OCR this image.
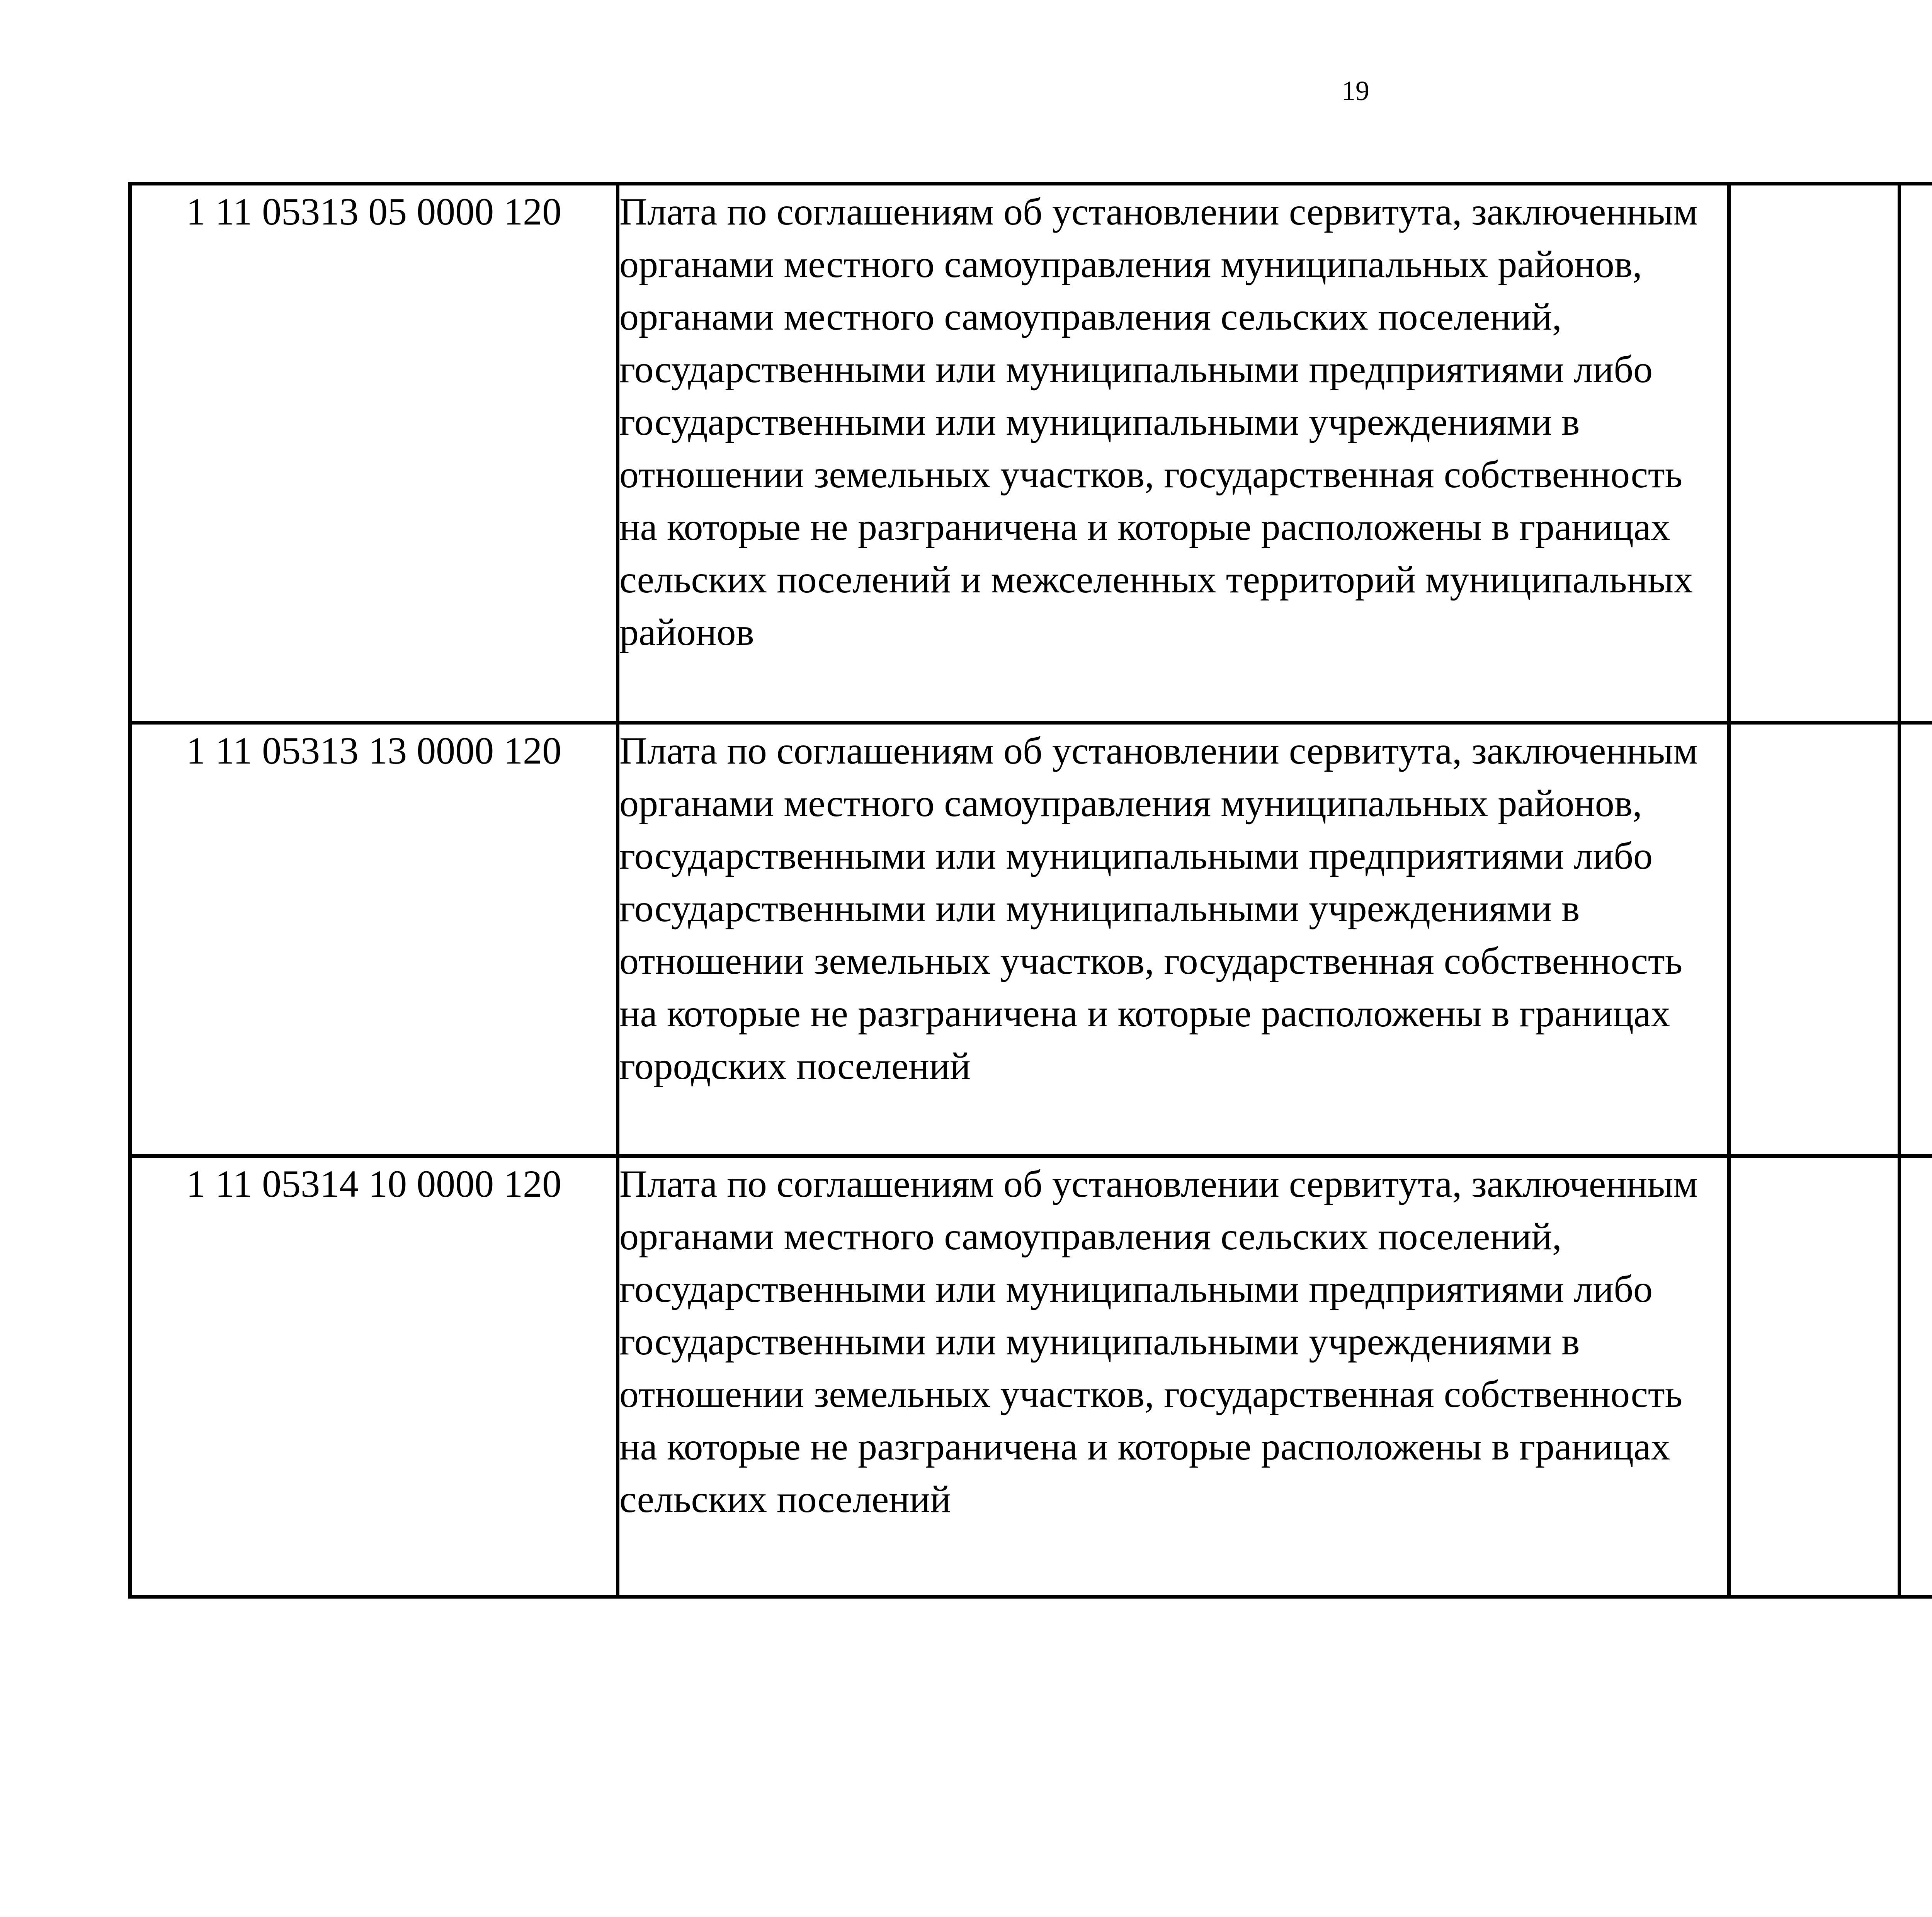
19
1 11 05313 05 0000 120	Плата по соглашениям об установлении сервитута, заключенным органами местного самоуправления муниципальных районов, органами местного самоуправления сельских поселений, государственными или муниципальными предприятиями либо государственными или муниципальными учреждениями в отношении земельных участков, государственная собственность на которые не разграничена и которые расположены в границах сельских поселений и межселенных территорий муниципальных районов					
1 11 05313 13 0000 120	Плата по соглашениям об установлении сервитута, заключенным органами местного самоуправления муниципальных районов, государственными или муниципальными предприятиями либо государственными или муниципальными учреждениями в отношении земельных участков, государственная собственность на которые не разграничена и которые расположены в границах городских поселений					
1 11 05314 10 0000 120	Плата по соглашениям об установлении сервитута, заключенным органами местного самоуправления сельских поселений, государственными или муниципальными предприятиями либо государственными или муниципальными учреждениями в отношении земельных участков, государственная собственность на которые не разграничена и которые расположены в границах сельских поселений					
